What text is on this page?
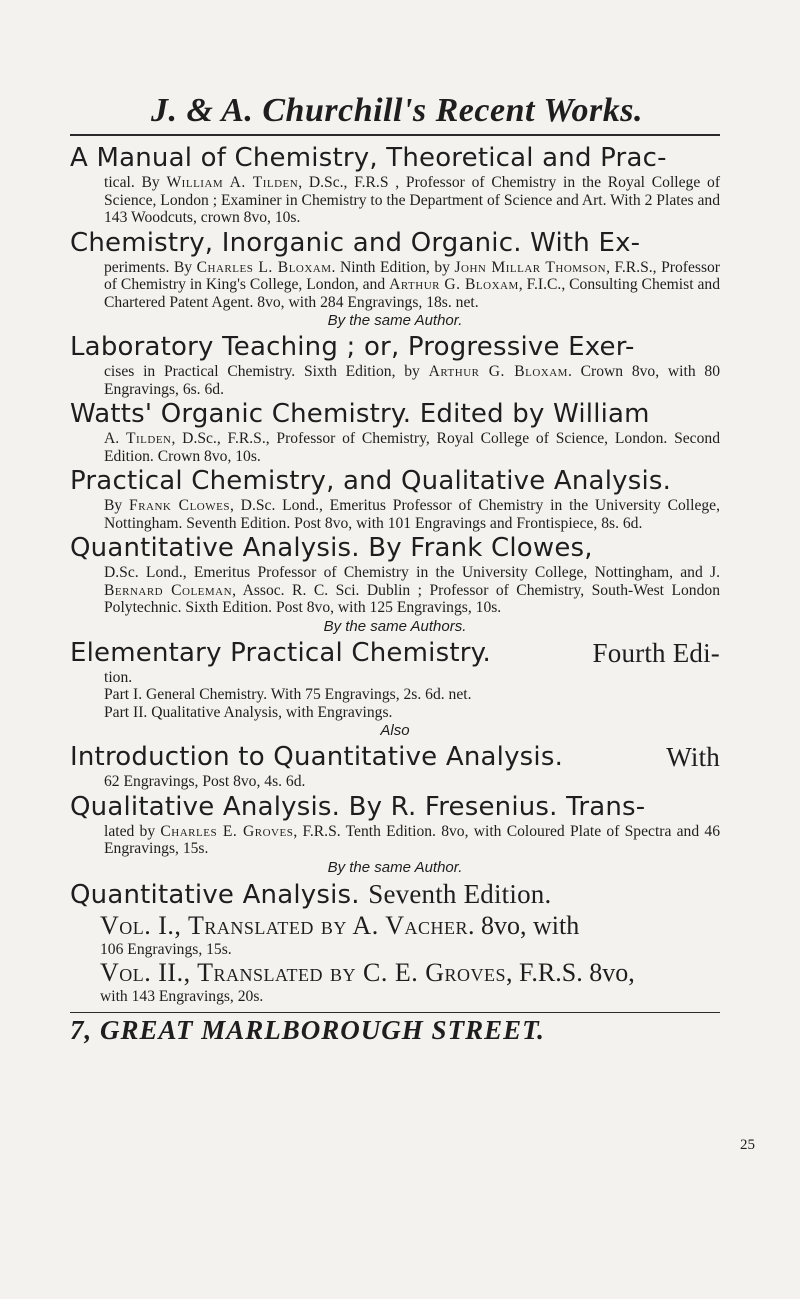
J. & A. Churchill's Recent Works.
A Manual of Chemistry, Theoretical and Prac-
tical. By William A. Tilden, D.Sc., F.R.S , Professor of Chemistry in the Royal College of Science, London ; Examiner in Chemistry to the Department of Science and Art. With 2 Plates and 143 Woodcuts, crown 8vo, 10s.
Chemistry, Inorganic and Organic. With Ex-
periments. By Charles L. Bloxam. Ninth Edition, by John Millar Thomson, F.R.S., Professor of Chemistry in King's College, London, and Arthur G. Bloxam, F.I.C., Consulting Chemist and Chartered Patent Agent. 8vo, with 284 Engravings, 18s. net.
By the same Author.
Laboratory Teaching ; or, Progressive Exer-
cises in Practical Chemistry. Sixth Edition, by Arthur G. Bloxam. Crown 8vo, with 80 Engravings, 6s. 6d.
Watts' Organic Chemistry. Edited by William
A. Tilden, D.Sc., F.R.S., Professor of Chemistry, Royal College of Science, London. Second Edition. Crown 8vo, 10s.
Practical Chemistry, and Qualitative Analysis.
By Frank Clowes, D.Sc. Lond., Emeritus Professor of Chemistry in the University College, Nottingham. Seventh Edition. Post 8vo, with 101 Engravings and Frontispiece, 8s. 6d.
Quantitative Analysis. By Frank Clowes,
D.Sc. Lond., Emeritus Professor of Chemistry in the University College, Nottingham, and J. Bernard Coleman, Assoc. R. C. Sci. Dublin ; Professor of Chemistry, South-West London Polytechnic. Sixth Edition. Post 8vo, with 125 Engravings, 10s.
By the same Authors.
Elementary Practical Chemistry.	Fourth Edi-
tion.
Part I. General Chemistry. With 75 Engravings, 2s. 6d. net.
Part II. Qualitative Analysis, with Engravings.
Also
Introduction to Quantitative Analysis.	With
62 Engravings, Post 8vo, 4s. 6d.
Qualitative Analysis. By R. Fresenius. Trans-
lated by Charles E. Groves, F.R.S. Tenth Edition. 8vo, with Coloured Plate of Spectra and 46 Engravings, 15s.
By the same Author.
Quantitative Analysis. Seventh Edition.
Vol. I., Translated by A. Vacher. 8vo, with
106 Engravings, 15s.
Vol. II., Translated by C. E. Groves, F.R.S. 8vo,
with 143 Engravings, 20s.
7, GREAT MARLBOROUGH STREET.
25
